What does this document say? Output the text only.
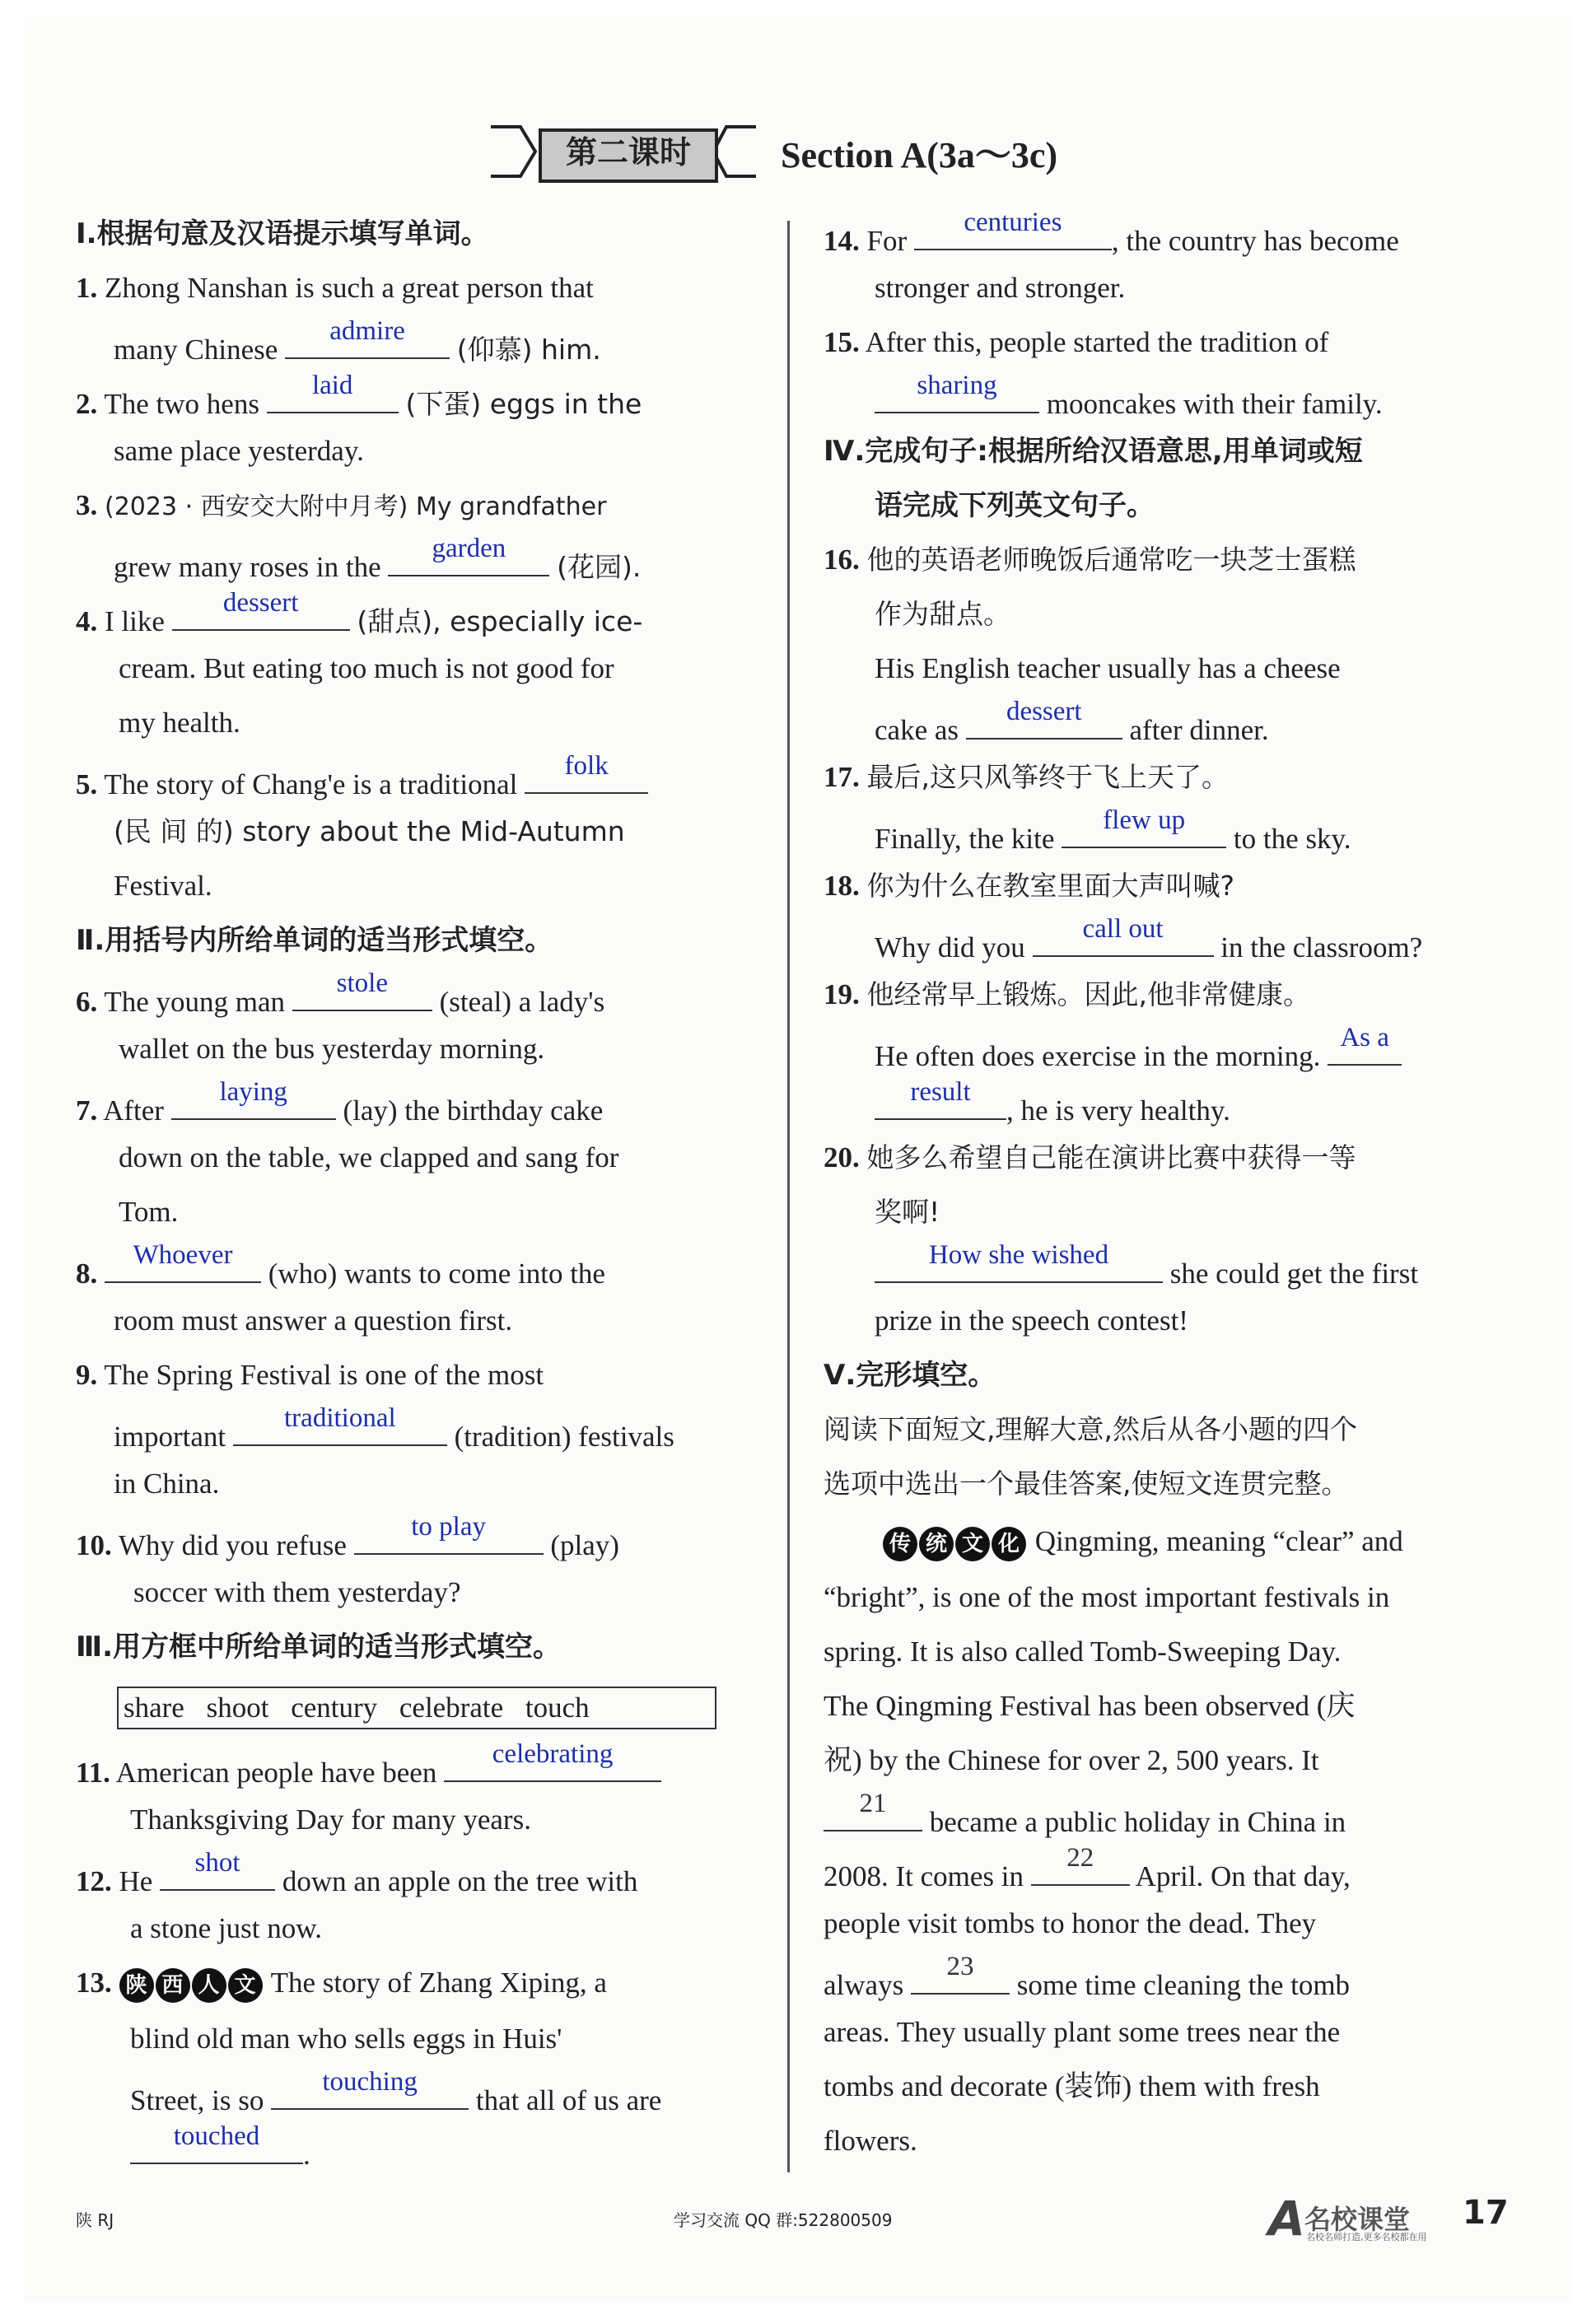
第二课时	Section A(3a～3c)
Ⅰ.根据句意及汉语提示填写单词。
1. Zhong Nanshan is such a great person that
many Chinese
admire
(仰慕) him.
2. The two hens
laid
(下蛋) eggs in the
same place yesterday.
3. (2023 · 西安交大附中月考) My grandfather
grew many roses in the
garden
(花园).
4. I like
dessert
(甜点), especially ice-
cream. But eating too much is not good for
my health.
5. The story of Chang'e is a traditional
folk
(民 间 的) story about the Mid-Autumn
Festival.
Ⅱ.用括号内所给单词的适当形式填空。
6. The young man
stole
(steal) a lady's
wallet on the bus yesterday morning.
7. After
laying
(lay) the birthday cake
down on the table, we clapped and sang for
Tom.
8.
Whoever
(who) wants to come into the
room must answer a question first.
9. The Spring Festival is one of the most
important
traditional
(tradition) festivals
in China.
10. Why did you refuse
to play
(play)
soccer with them yesterday?
Ⅲ.用方框中所给单词的适当形式填空。
share shoot century celebrate touch
11. American people have been
celebrating
Thanksgiving Day for many years.
12. He
shot
down an apple on the tree with
a stone just now.
13. 陕 西 人 文 The story of Zhang Xiping, a
blind old man who sells eggs in Huis'
Street, is so
touching
that all of us are
touched
.
14. For
centuries
, the country has become
stronger and stronger.
15. After this, people started the tradition of
sharing
mooncakes with their family.
Ⅳ.完成句子:根据所给汉语意思,用单词或短
语完成下列英文句子。
16. 他的英语老师晚饭后通常吃一块芝士蛋糕
作为甜点。
His English teacher usually has a cheese
cake as
dessert
after dinner.
17. 最后,这只风筝终于飞上天了。
Finally, the kite
flew up
to the sky.
18. 你为什么在教室里面大声叫喊?
Why did you
call out
in the classroom?
19. 他经常早上锻炼。因此,他非常健康。
He often does exercise in the morning.
As a
result
, he is very healthy.
20. 她多么希望自己能在演讲比赛中获得一等
奖啊!
How she wished
she could get the first
prize in the speech contest!
Ⅴ.完形填空。
阅读下面短文,理解大意,然后从各小题的四个
选项中选出一个最佳答案,使短文连贯完整。
传 统 文 化 Qingming, meaning “clear” and
“bright”, is one of the most important festivals in
spring. It is also called Tomb-Sweeping Day.
The Qingming Festival has been observed (庆
祝) by the Chinese for over 2, 500 years. It
21
became a public holiday in China in
2008. It comes in
22
April. On that day,
people visit tombs to honor the dead. They
always
23
some time cleaning the tomb
areas. They usually plant some trees near the
tombs and decorate (装饰) them with fresh
flowers.
陕 RJ	学习交流 QQ 群:522800509	A 名校课堂
名校名师打造,更多名校都在用
17
